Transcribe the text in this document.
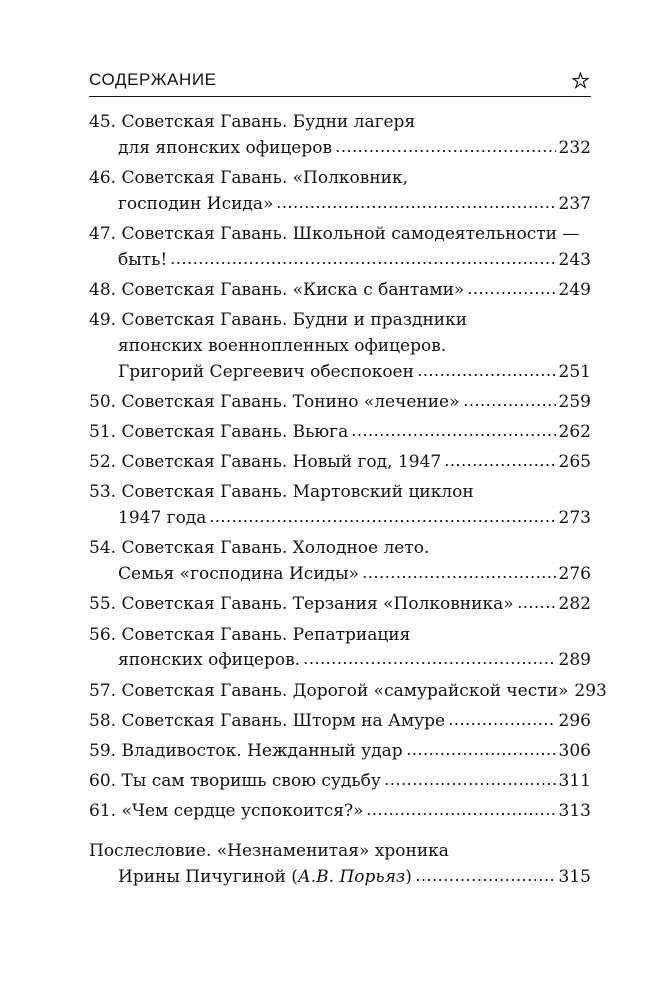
СОДЕРЖАНИЕ
45. Советская Гавань. Будни лагеря
для японских офицеров	232
46. Советская Гавань. «Полковник,
господин Исида»	237
47. Советская Гавань. Школьной самодеятельности —
быть!	243
48. Советская Гавань. «Киска с бантами»	249
49. Советская Гавань. Будни и праздники
японских военнопленных офицеров.
Григорий Сергеевич обеспокоен	251
50. Советская Гавань. Тонино «лечение»	259
51. Советская Гавань. Вьюга	262
52. Советская Гавань. Новый год, 1947	265
53. Советская Гавань. Мартовский циклон
1947 года	273
54. Советская Гавань. Холодное лето.
Семья «господина Исиды»	276
55. Советская Гавань. Терзания «Полковника»	282
56. Советская Гавань. Репатриация
японских офицеров.	289
57. Советская Гавань. Дорогой «самурайской чести» 293
58. Советская Гавань. Шторм на Амуре	296
59. Владивосток. Нежданный удар	306
60. Ты сам творишь свою судьбу	311
61. «Чем сердце успокоится?»	313
Послесловие. «Незнаменитая» хроника
Ирины Пичугиной (А.В. Порьяз)	315
